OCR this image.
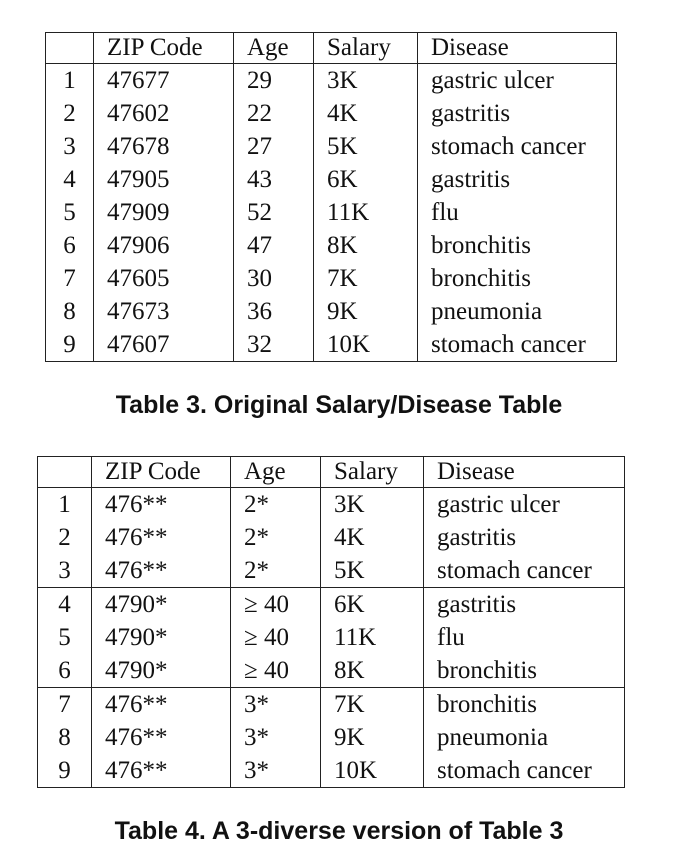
	ZIP Code	Age	Salary	Disease
1	47677	29	3K	gastric ulcer
2	47602	22	4K	gastritis
3	47678	27	5K	stomach cancer
4	47905	43	6K	gastritis
5	47909	52	11K	flu
6	47906	47	8K	bronchitis
7	47605	30	7K	bronchitis
8	47673	36	9K	pneumonia
9	47607	32	10K	stomach cancer
Table 3. Original Salary/Disease Table
	ZIP Code	Age	Salary	Disease
1	476**	2*	3K	gastric ulcer
2	476**	2*	4K	gastritis
3	476**	2*	5K	stomach cancer
4	4790*	≥ 40	6K	gastritis
5	4790*	≥ 40	11K	flu
6	4790*	≥ 40	8K	bronchitis
7	476**	3*	7K	bronchitis
8	476**	3*	9K	pneumonia
9	476**	3*	10K	stomach cancer
Table 4. A 3-diverse version of Table 3
